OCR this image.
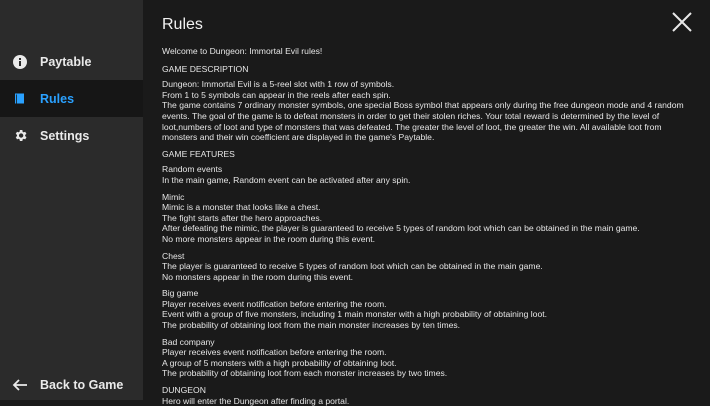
Paytable
Rules
Settings
Back to Game
Rules
Welcome to Dungeon: Immortal Evil rules!
GAME DESCRIPTION
Dungeon: Immortal Evil is a 5-reel slot with 1 row of symbols.
From 1 to 5 symbols can appear in the reels after each spin.
The game contains 7 ordinary monster symbols, one special Boss symbol that appears only during the free dungeon mode and 4 random events. The goal of the game is to defeat monsters in order to get their stolen riches. Your total reward is determined by the level of loot,numbers of loot and type of monsters that was defeated. The greater the level of loot, the greater the win. All available loot from monsters and their win coefficient are displayed in the game's Paytable.
GAME FEATURES
Random events
In the main game, Random event can be activated after any spin.
Mimic
Mimic is a monster that looks like a chest.
The fight starts after the hero approaches.
After defeating the mimic, the player is guaranteed to receive 5 types of random loot which can be obtained in the main game.
No more monsters appear in the room during this event.
Chest
The player is guaranteed to receive 5 types of random loot which can be obtained in the main game.
No monsters appear in the room during this event.
Big game
Player receives event notification before entering the room.
Event with a group of five monsters, including 1 main monster with a high probability of obtaining loot.
The probability of obtaining loot from the main monster increases by ten times.
Bad company
Player receives event notification before entering the room.
A group of 5 monsters with a high probability of obtaining loot.
The probability of obtaining loot from each monster increases by two times.
DUNGEON
Hero will enter the Dungeon after finding a portal.
